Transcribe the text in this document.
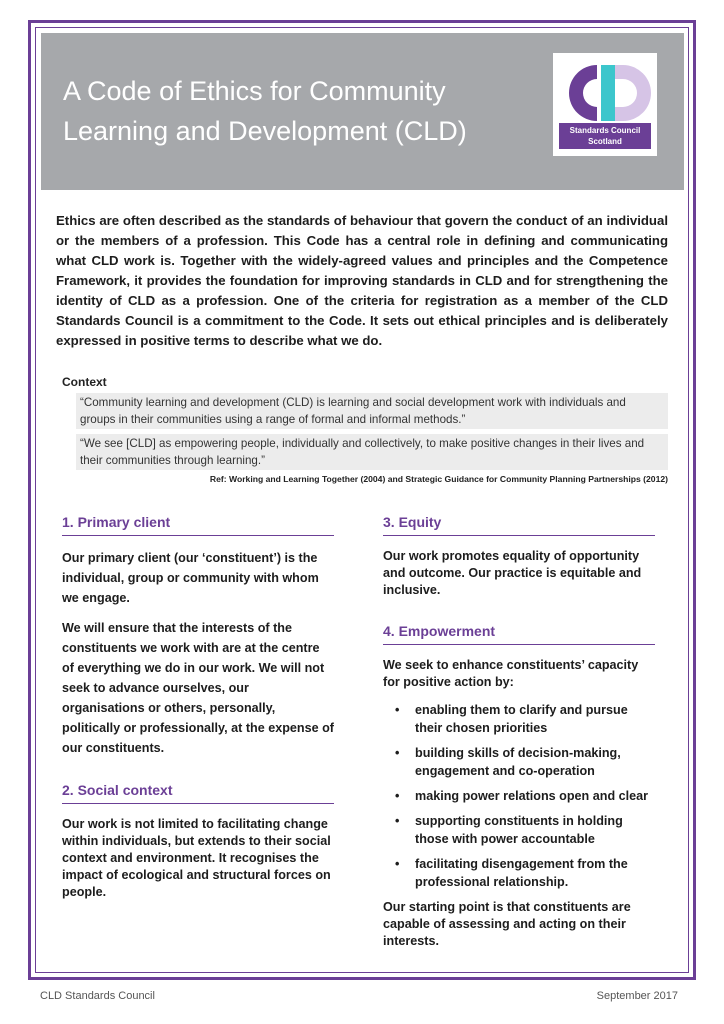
A Code of Ethics for Community
Learning and Development (CLD)	Standards Council
Scotland
Ethics are often described as the standards of behaviour that govern the conduct of an individual or the members of a profession. This Code has a central role in defining and communicating what CLD work is. Together with the widely-agreed values and principles and the Competence Framework, it provides the foundation for improving standards in CLD and for strengthening the identity of CLD as a profession. One of the criteria for registration as a member of the CLD Standards Council is a commitment to the Code. It sets out ethical principles and is deliberately expressed in positive terms to describe what we do.
Context
“Community learning and development (CLD) is learning and social development work with individuals and groups in their communities using a range of formal and informal methods.”
“We see [CLD] as empowering people, individually and collectively, to make positive changes in their lives and their communities through learning.”
Ref: Working and Learning Together (2004) and Strategic Guidance for Community Planning Partnerships (2012)
1. Primary client

Our primary client (our ‘constituent’) is the individual, group or community with whom we engage.

We will ensure that the interests of the constituents we work with are at the centre of everything we do in our work. We will not seek to advance ourselves, our organisations or others, personally, politically or professionally, at the expense of our constituents.

2. Social context

Our work is not limited to facilitating change within individuals, but extends to their social context and environment. It recognises the impact of ecological and structural forces on people.

3. Equity

Our work promotes equality of opportunity and outcome. Our practice is equitable and inclusive.

4. Empowerment

We seek to enhance constituents’ capacity for positive action by:

• enabling them to clarify and pursue their chosen priorities
• building skills of decision-making, engagement and co-operation
• making power relations open and clear
• supporting constituents in holding those with power accountable
• facilitating disengagement from the professional relationship.

Our starting point is that constituents are capable of assessing and acting on their interests.

CLD Standards Council	September 2017
